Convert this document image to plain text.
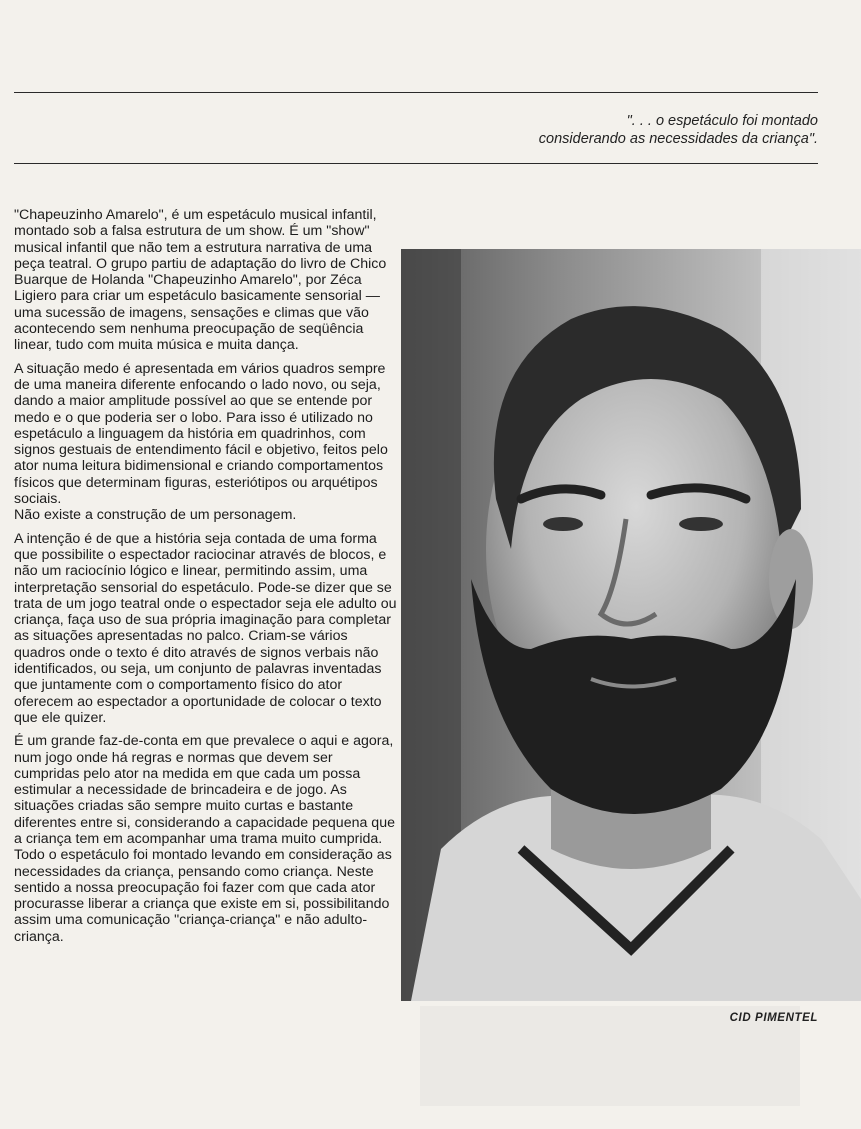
". . . o espetáculo foi montado
considerando as necessidades da criança".

"Chapeuzinho Amarelo", é um espetáculo musical infantil, montado sob a falsa estrutura de um show. É um "show" musical infantil que não tem a estrutura narrativa de uma peça teatral. O grupo partiu de adaptação do livro de Chico Buarque de Holanda "Chapeuzinho Amarelo", por Zéca Ligiero para criar um espetáculo basicamente sensorial — uma sucessão de imagens, sensações e climas que vão acontecendo sem nenhuma preocupação de seqüência linear, tudo com muita música e muita dança.

A situação medo é apresentada em vários quadros sempre de uma maneira diferente enfocando o lado novo, ou seja, dando a maior amplitude possível ao que se entende por medo e o que poderia ser o lobo. Para isso é utilizado no espetáculo a linguagem da história em quadrinhos, com signos gestuais de entendimento fácil e objetivo, feitos pelo ator numa leitura bidimensional e criando comportamentos físicos que determinam figuras, esteriótipos ou arquétipos sociais.

Não existe a construção de um personagem.

A intenção é de que a história seja contada de uma forma que possibilite o espectador raciocinar através de blocos, e não um raciocínio lógico e linear, permitindo assim, uma interpretação sensorial do espetáculo. Pode-se dizer que se trata de um jogo teatral onde o espectador seja ele adulto ou criança, faça uso de sua própria imaginação para completar as situações apresentadas no palco. Criam-se vários quadros onde o texto é dito através de signos verbais não identificados, ou seja, um conjunto de palavras inventadas que juntamente com o comportamento físico do ator oferecem ao espectador a oportunidade de colocar o texto que ele quizer.

É um grande faz-de-conta em que prevalece o aqui e agora, num jogo onde há regras e normas que devem ser cumpridas pelo ator na medida em que cada um possa estimular a necessidade de brincadeira e de jogo. As situações criadas são sempre muito curtas e bastante diferentes entre si, considerando a capacidade pequena que a criança tem em acompanhar uma trama muito cumprida.

Todo o espetáculo foi montado levando em consideração as necessidades da criança, pensando como criança. Neste sentido a nossa preocupação foi fazer com que cada ator procurasse liberar a criança que existe em si, possibilitando assim uma comunicação "criança-criança" e não adulto-criança.

CID PIMENTEL
